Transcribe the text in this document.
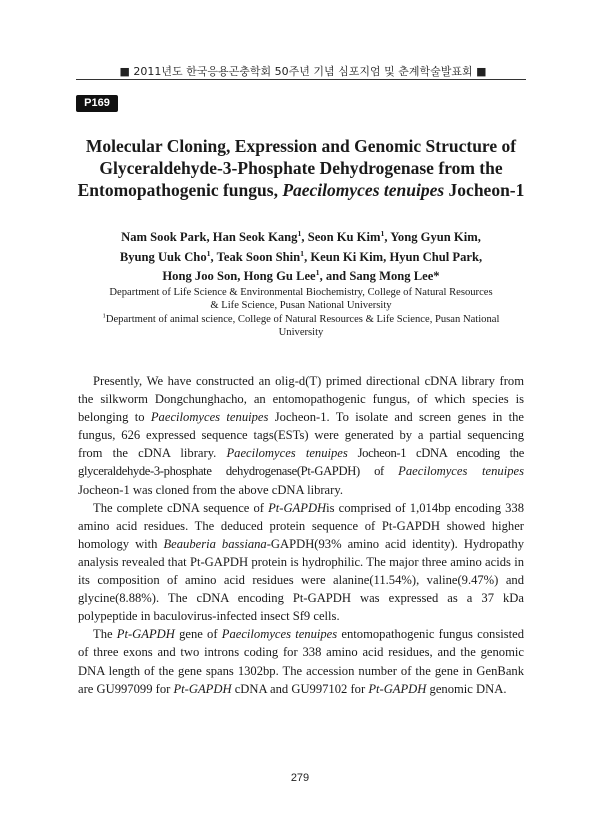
■ 2011년도 한국응용곤충학회 50주년 기념 심포지엄 및 춘계학술발표회 ■
P169
Molecular Cloning, Expression and Genomic Structure of
Glyceraldehyde-3-Phosphate Dehydrogenase from the
Entomopathogenic fungus, Paecilomyces tenuipes Jocheon-1
Nam Sook Park, Han Seok Kang$^1$, Seon Ku Kim$^1$, Yong Gyun Kim,
Byung Uuk Cho$^1$, Teak Soon Shin$^1$, Keun Ki Kim, Hyun Chul Park,
Hong Joo Son, Hong Gu Lee$^1$, and Sang Mong Lee*

Department of Life Science & Environmental Biochemistry, College of Natural Resources
& Life Science, Pusan National University

$^1$Department of animal science, College of Natural Resources & Life Science, Pusan National
University

Presently, We have constructed an olig-d(T) primed directional cDNA library from the silkworm Dongchunghacho, an entomopathogenic fungus, of which species is belonging to Paecilomyces tenuipes Jocheon-1. To isolate and screen genes in the fungus, 626 expressed sequence tags(ESTs) were generated by a partial sequencing from the cDNA library. Paecilomyces tenuipes Jocheon-1 cDNA encoding the glyceraldehyde-3-phosphate dehydrogenase(Pt-GAPDH) of Paecilomyces tenuipes Jocheon-1 was cloned from the above cDNA library.

The complete cDNA sequence of Pt-GAPDHis comprised of 1,014bp encoding 338 amino acid residues. The deduced protein sequence of Pt-GAPDH showed higher homology with Beauberia bassiana-GAPDH(93% amino acid identity). Hydropathy analysis revealed that Pt-GAPDH protein is hydrophilic. The major three amino acids in its composition of amino acid residues were alanine(11.54%), valine(9.47%) and glycine(8.88%). The cDNA encoding Pt-GAPDH was expressed as a 37 kDa polypeptide in baculovirus-infected insect Sf9 cells.

The Pt-GAPDH gene of Paecilomyces tenuipes entomopathogenic fungus consisted of three exons and two introns coding for 338 amino acid residues, and the genomic DNA length of the gene spans 1302bp. The accession number of the gene in GenBank are GU997099 for Pt-GAPDH cDNA and GU997102 for Pt-GAPDH genomic DNA.

279
